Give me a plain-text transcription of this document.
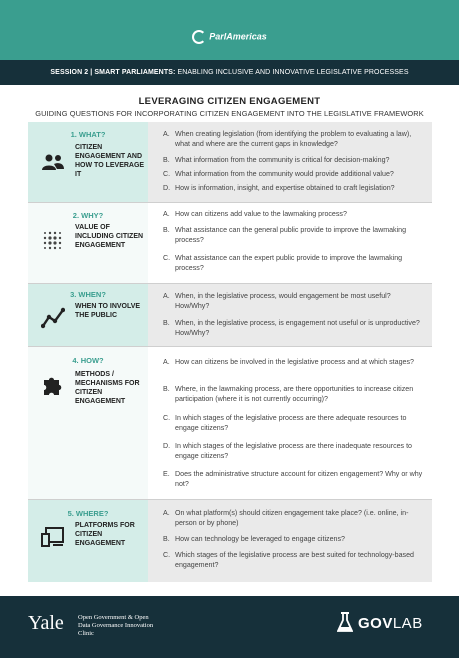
ParlAmericas
SESSION 2 | SMART PARLIAMENTS: ENABLING INCLUSIVE AND INNOVATIVE LEGISLATIVE PROCESSES
LEVERAGING CITIZEN ENGAGEMENT
GUIDING QUESTIONS FOR INCORPORATING CITIZEN ENGAGEMENT INTO THE LEGISLATIVE FRAMEWORK
1. WHAT?
CITIZEN ENGAGEMENT AND HOW TO LEVERAGE IT
A. When creating legislation (from identifying the problem to evaluating a law), what and where are the current gaps in knowledge?
B. What information from the community is critical for decision-making?
C. What information from the community would provide additional value?
D. How is information, insight, and expertise obtained to craft legislation?
2. WHY?
VALUE OF INCLUDING CITIZEN ENGAGEMENT
A. How can citizens add value to the lawmaking process?
B. What assistance can the general public provide to improve the lawmaking process?
C. What assistance can the expert public provide to improve the lawmaking process?
3. WHEN?
WHEN TO INVOLVE THE PUBLIC
A. When, in the legislative process, would engagement be most useful? How/Why?
B. When, in the legislative process, is engagement not useful or is unproductive? How/Why?
4. HOW?
METHODS / MECHANISMS FOR CITIZEN ENGAGEMENT
A. How can citizens be involved in the legislative process and at which stages?
B. Where, in the lawmaking process, are there opportunities to increase citizen participation (where it is not currently occurring)?
C. In which stages of the legislative process are there adequate resources to engage citizens?
D. In which stages of the legislative process are there inadequate resources to engage citizens?
E. Does the administrative structure account for citizen engagement? Why or why not?
5. WHERE?
PLATFORMS FOR CITIZEN ENGAGEMENT
A. On what platform(s) should citizen engagement take place? (i.e. online, in-person or by phone)
B. How can technology be leveraged to engage citizens?
C. Which stages of the legislative process are best suited for technology-based engagement?
Yale Open Government & Open Data Governance Innovation Clinic
GOVLAB
